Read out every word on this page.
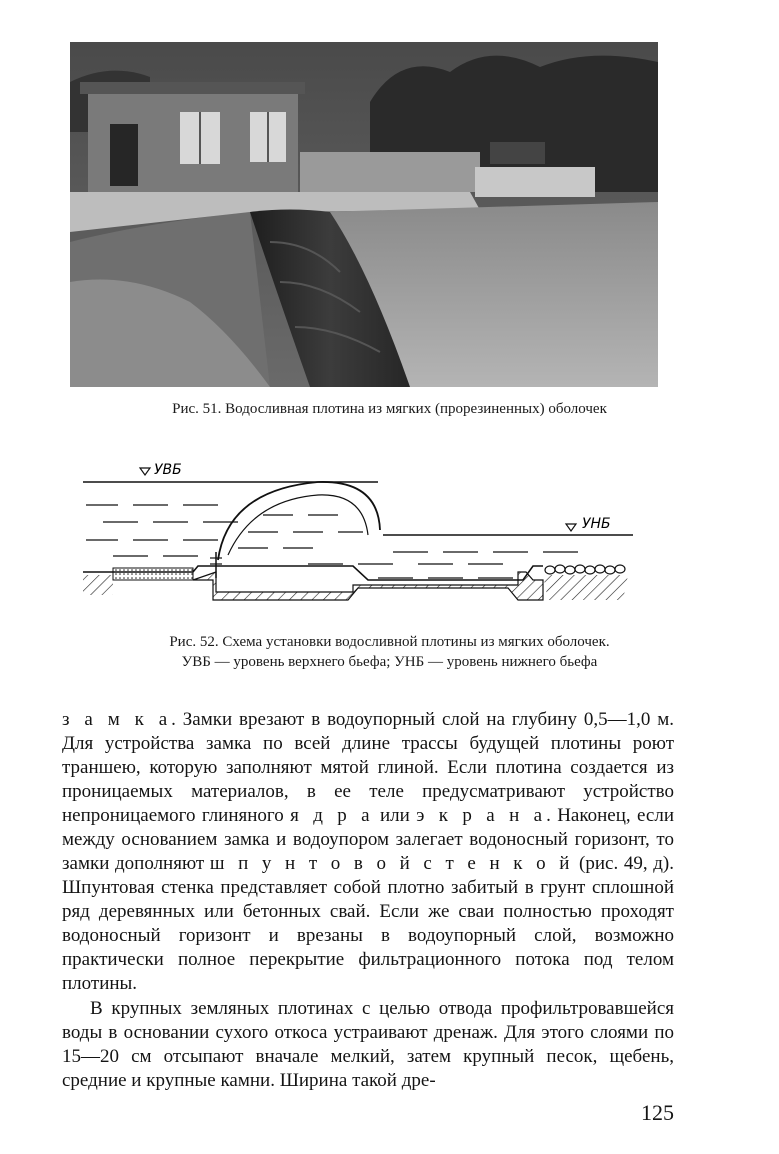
Рис. 51. Водосливная плотина из мягких (прорезиненных) оболочек
УВБ
УНБ
Рис. 52. Схема установки водосливной плотины из мягких оболочек.
УВБ — уровень верхнего бьефа; УНБ — уровень нижнего бьефа

з а м к а. Замки врезают в водоупорный слой на глубину 0,5—1,0 м. Для устройства замка по всей длине трассы будущей плотины роют траншею, которую заполняют мятой глиной. Если плотина создается из проницаемых материалов, в ее теле предусматривают устройство непроницаемого глиняного я д р а или э к р а н а. Наконец, если между основанием замка и водоупором залегает водоносный горизонт, то замки дополняют ш п у н т о в о й с т е н к о й (рис. 49, д). Шпунтовая стенка представляет собой плотно забитый в грунт сплошной ряд деревянных или бетонных свай. Если же сваи полностью проходят водоносный горизонт и врезаны в водоупорный слой, возможно практически полное перекрытие фильтрационного потока под телом плотины.

В крупных земляных плотинах с целью отвода профильтровавшейся воды в основании сухого откоса устраивают дренаж. Для этого слоями по 15—20 см отсыпают вначале мелкий, затем крупный песок, щебень, средние и крупные камни. Ширина такой дре-

125
